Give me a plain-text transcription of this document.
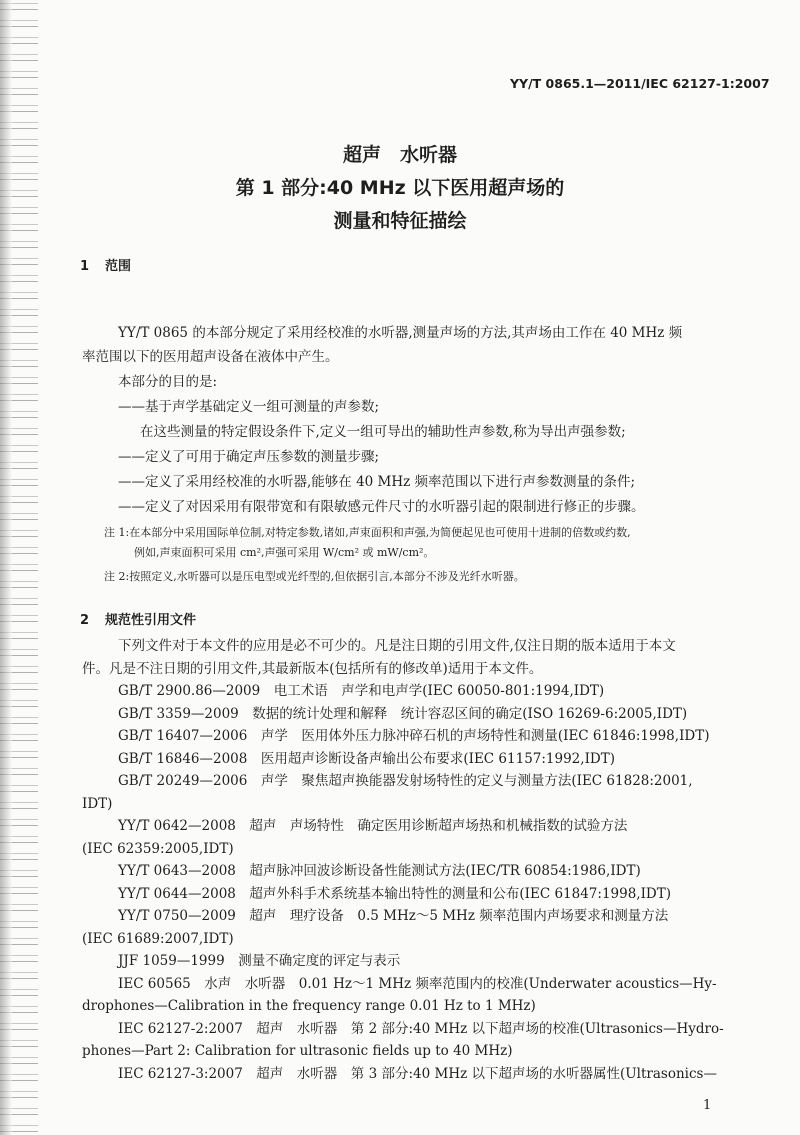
YY/T 0865.1—2011/IEC 62127-1:2007
超声　水听器
第 1 部分:40 MHz 以下医用超声场的
测量和特征描绘
1 范围
YY/T 0865 的本部分规定了采用经校准的水听器,测量声场的方法,其声场由工作在 40 MHz 频
率范围以下的医用超声设备在液体中产生。
本部分的目的是:
——基于声学基础定义一组可测量的声参数;
在这些测量的特定假设条件下,定义一组可导出的辅助性声参数,称为导出声强参数;
——定义了可用于确定声压参数的测量步骤;
——定义了采用经校准的水听器,能够在 40 MHz 频率范围以下进行声参数测量的条件;
——定义了对因采用有限带宽和有限敏感元件尺寸的水听器引起的限制进行修正的步骤。
注 1:在本部分中采用国际单位制,对特定参数,诸如,声束面积和声强,为简便起见也可使用十进制的倍数或约数,
例如,声束面积可采用 cm²,声强可采用 W/cm² 或 mW/cm²。
注 2:按照定义,水听器可以是压电型或光纤型的,但依据引言,本部分不涉及光纤水听器。
2 规范性引用文件
下列文件对于本文件的应用是必不可少的。凡是注日期的引用文件,仅注日期的版本适用于本文
件。凡是不注日期的引用文件,其最新版本(包括所有的修改单)适用于本文件。
GB/T 2900.86—2009　电工术语　声学和电声学(IEC 60050-801:1994,IDT)
GB/T 3359—2009　数据的统计处理和解释　统计容忍区间的确定(ISO 16269-6:2005,IDT)
GB/T 16407—2006　声学　医用体外压力脉冲碎石机的声场特性和测量(IEC 61846:1998,IDT)
GB/T 16846—2008　医用超声诊断设备声输出公布要求(IEC 61157:1992,IDT)
GB/T 20249—2006　声学　聚焦超声换能器发射场特性的定义与测量方法(IEC 61828:2001,
IDT)
YY/T 0642—2008　超声　声场特性　确定医用诊断超声场热和机械指数的试验方法
(IEC 62359:2005,IDT)
YY/T 0643—2008　超声脉冲回波诊断设备性能测试方法(IEC/TR 60854:1986,IDT)
YY/T 0644—2008　超声外科手术系统基本输出特性的测量和公布(IEC 61847:1998,IDT)
YY/T 0750—2009　超声　理疗设备　0.5 MHz～5 MHz 频率范围内声场要求和测量方法
(IEC 61689:2007,IDT)
JJF 1059—1999　测量不确定度的评定与表示
IEC 60565　水声　水听器　0.01 Hz～1 MHz 频率范围内的校准(Underwater acoustics—Hy-
drophones—Calibration in the frequency range 0.01 Hz to 1 MHz)
IEC 62127-2:2007　超声　水听器　第 2 部分:40 MHz 以下超声场的校准(Ultrasonics—Hydro-
phones—Part 2: Calibration for ultrasonic fields up to 40 MHz)
IEC 62127-3:2007　超声　水听器　第 3 部分:40 MHz 以下超声场的水听器属性(Ultrasonics—
1
